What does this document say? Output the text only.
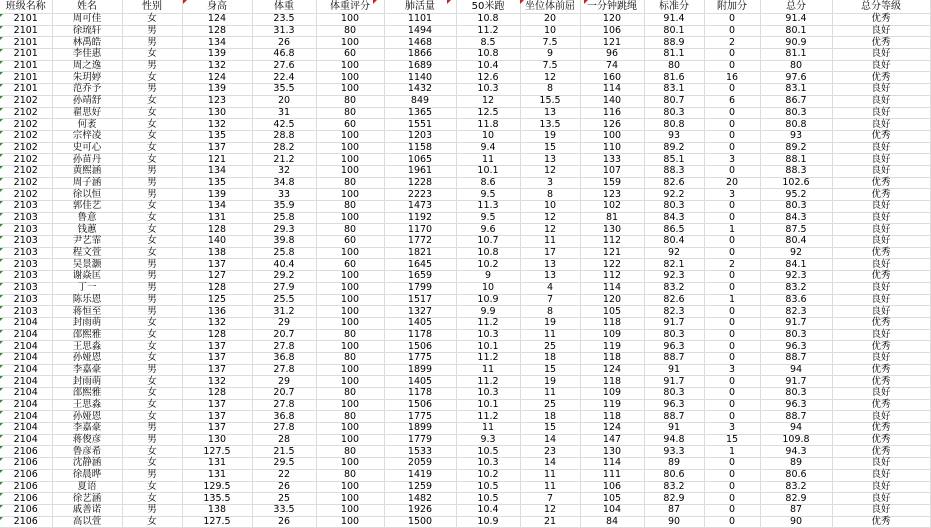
班级名称	姓名	性别	身高	体重	体重评分	肺活量	50米跑	坐位体前屈	一分钟跳绳	标准分	附加分	总分	总分等级
2101	周可佳	女	124	23.5	100	1101	10.8	20	120	91.4	0	91.4	优秀
2101	徐琉轩	男	128	31.3	80	1494	11.2	10	106	80.1	0	80.1	良好
2101	林禹皓	男	134	26	100	1468	8.5	7.5	121	88.9	2	90.9	优秀
2101	李佳惠	女	139	46.8	60	1866	10.8	9	96	81.1	0	81.1	良好
2101	周之逸	男	132	27.6	100	1689	10.4	7.5	74	80	0	80	良好
2101	朱玥婷	女	124	22.4	100	1140	12.6	12	160	81.6	16	97.6	优秀
2101	范乔予	男	139	35.5	100	1432	10.3	8	114	83.1	0	83.1	良好
2102	孙靖舒	女	123	20	80	849	12	15.5	140	80.7	6	86.7	良好
2102	翟思好	女	130	31	80	1365	12.5	13	116	80.3	0	80.3	良好
2102	何袤	女	132	42.5	60	1551	11.8	13.5	126	80.8	0	80.8	良好
2102	宗梓凌	女	135	28.8	100	1203	10	19	100	93	0	93	优秀
2102	史可心	女	137	28.2	100	1158	9.4	15	110	89.2	0	89.2	良好
2102	孙苗丹	女	121	21.2	100	1065	11	13	133	85.1	3	88.1	良好
2102	黄熙涵	男	134	32	100	1961	10.1	12	107	88.3	0	88.3	良好
2102	周子涵	男	135	34.8	80	1228	8.6	3	159	82.6	20	102.6	优秀
2102	徐以恒	男	139	33	100	2223	9.5	8	123	92.2	3	95.2	优秀
2103	郭佳艺	女	134	35.9	80	1473	11.3	10	102	80.3	0	80.3	良好
2103	鲁意	女	131	25.8	100	1192	9.5	12	81	84.3	0	84.3	良好
2103	钱蕙	女	128	29.3	80	1170	9.6	12	130	86.5	1	87.5	良好
2103	尹艺霏	女	140	39.8	60	1772	10.7	11	112	80.4	0	80.4	良好
2103	程文萱	女	138	25.8	100	1821	10.8	17	121	92	0	92	优秀
2103	吴景灏	男	137	40.4	60	1645	10.2	13	122	82.1	2	84.1	良好
2103	谢焱匡	男	127	29.2	100	1659	9	13	112	92.3	0	92.3	优秀
2103	丁一	男	128	27.9	100	1799	10	4	114	83.2	0	83.2	良好
2103	陈乐恩	男	125	25.5	100	1517	10.9	7	120	82.6	1	83.6	良好
2103	蒋恒至	男	136	31.2	100	1327	9.9	8	105	82.3	0	82.3	良好
2104	封雨萌	女	132	29	100	1405	11.2	19	118	91.7	0	91.7	优秀
2104	邵熙雅	女	128	20.7	80	1178	10.3	11	109	80.3	0	80.3	良好
2104	王思淼	女	137	27.8	100	1506	10.1	25	119	96.3	0	96.3	优秀
2104	孙娅恩	女	137	36.8	80	1775	11.2	18	118	88.7	0	88.7	良好
2104	李嘉豪	男	137	27.8	100	1899	11	15	124	91	3	94	优秀
2104	封雨萌	女	132	29	100	1405	11.2	19	118	91.7	0	91.7	优秀
2104	邵熙雅	女	128	20.7	80	1178	10.3	11	109	80.3	0	80.3	良好
2104	王思淼	女	137	27.8	100	1506	10.1	25	119	96.3	0	96.3	优秀
2104	孙娅恩	女	137	36.8	80	1775	11.2	18	118	88.7	0	88.7	良好
2104	李嘉豪	男	137	27.8	100	1899	11	15	124	91	3	94	优秀
2104	蒋俊彦	男	130	28	100	1779	9.3	14	147	94.8	15	109.8	优秀
2106	鲁彦希	女	127.5	21.5	80	1533	10.5	23	130	93.3	1	94.3	优秀
2106	沈静涵	女	131	29.5	100	2059	10.3	14	114	89	0	89	良好
2106	徐晨晔	男	131	22	80	1419	10.2	11	111	80.6	0	80.6	良好
2106	夏语	女	129.5	26	100	1259	10.5	11	106	83.2	0	83.2	良好
2106	徐艺涵	女	135.5	25	100	1482	10.5	7	105	82.9	0	82.9	良好
2106	戚善诺	男	138	33.5	100	1926	10.4	12	104	87	0	87	良好
2106	高以萱	女	127.5	26	100	1500	10.9	21	84	90	0	90	优秀
